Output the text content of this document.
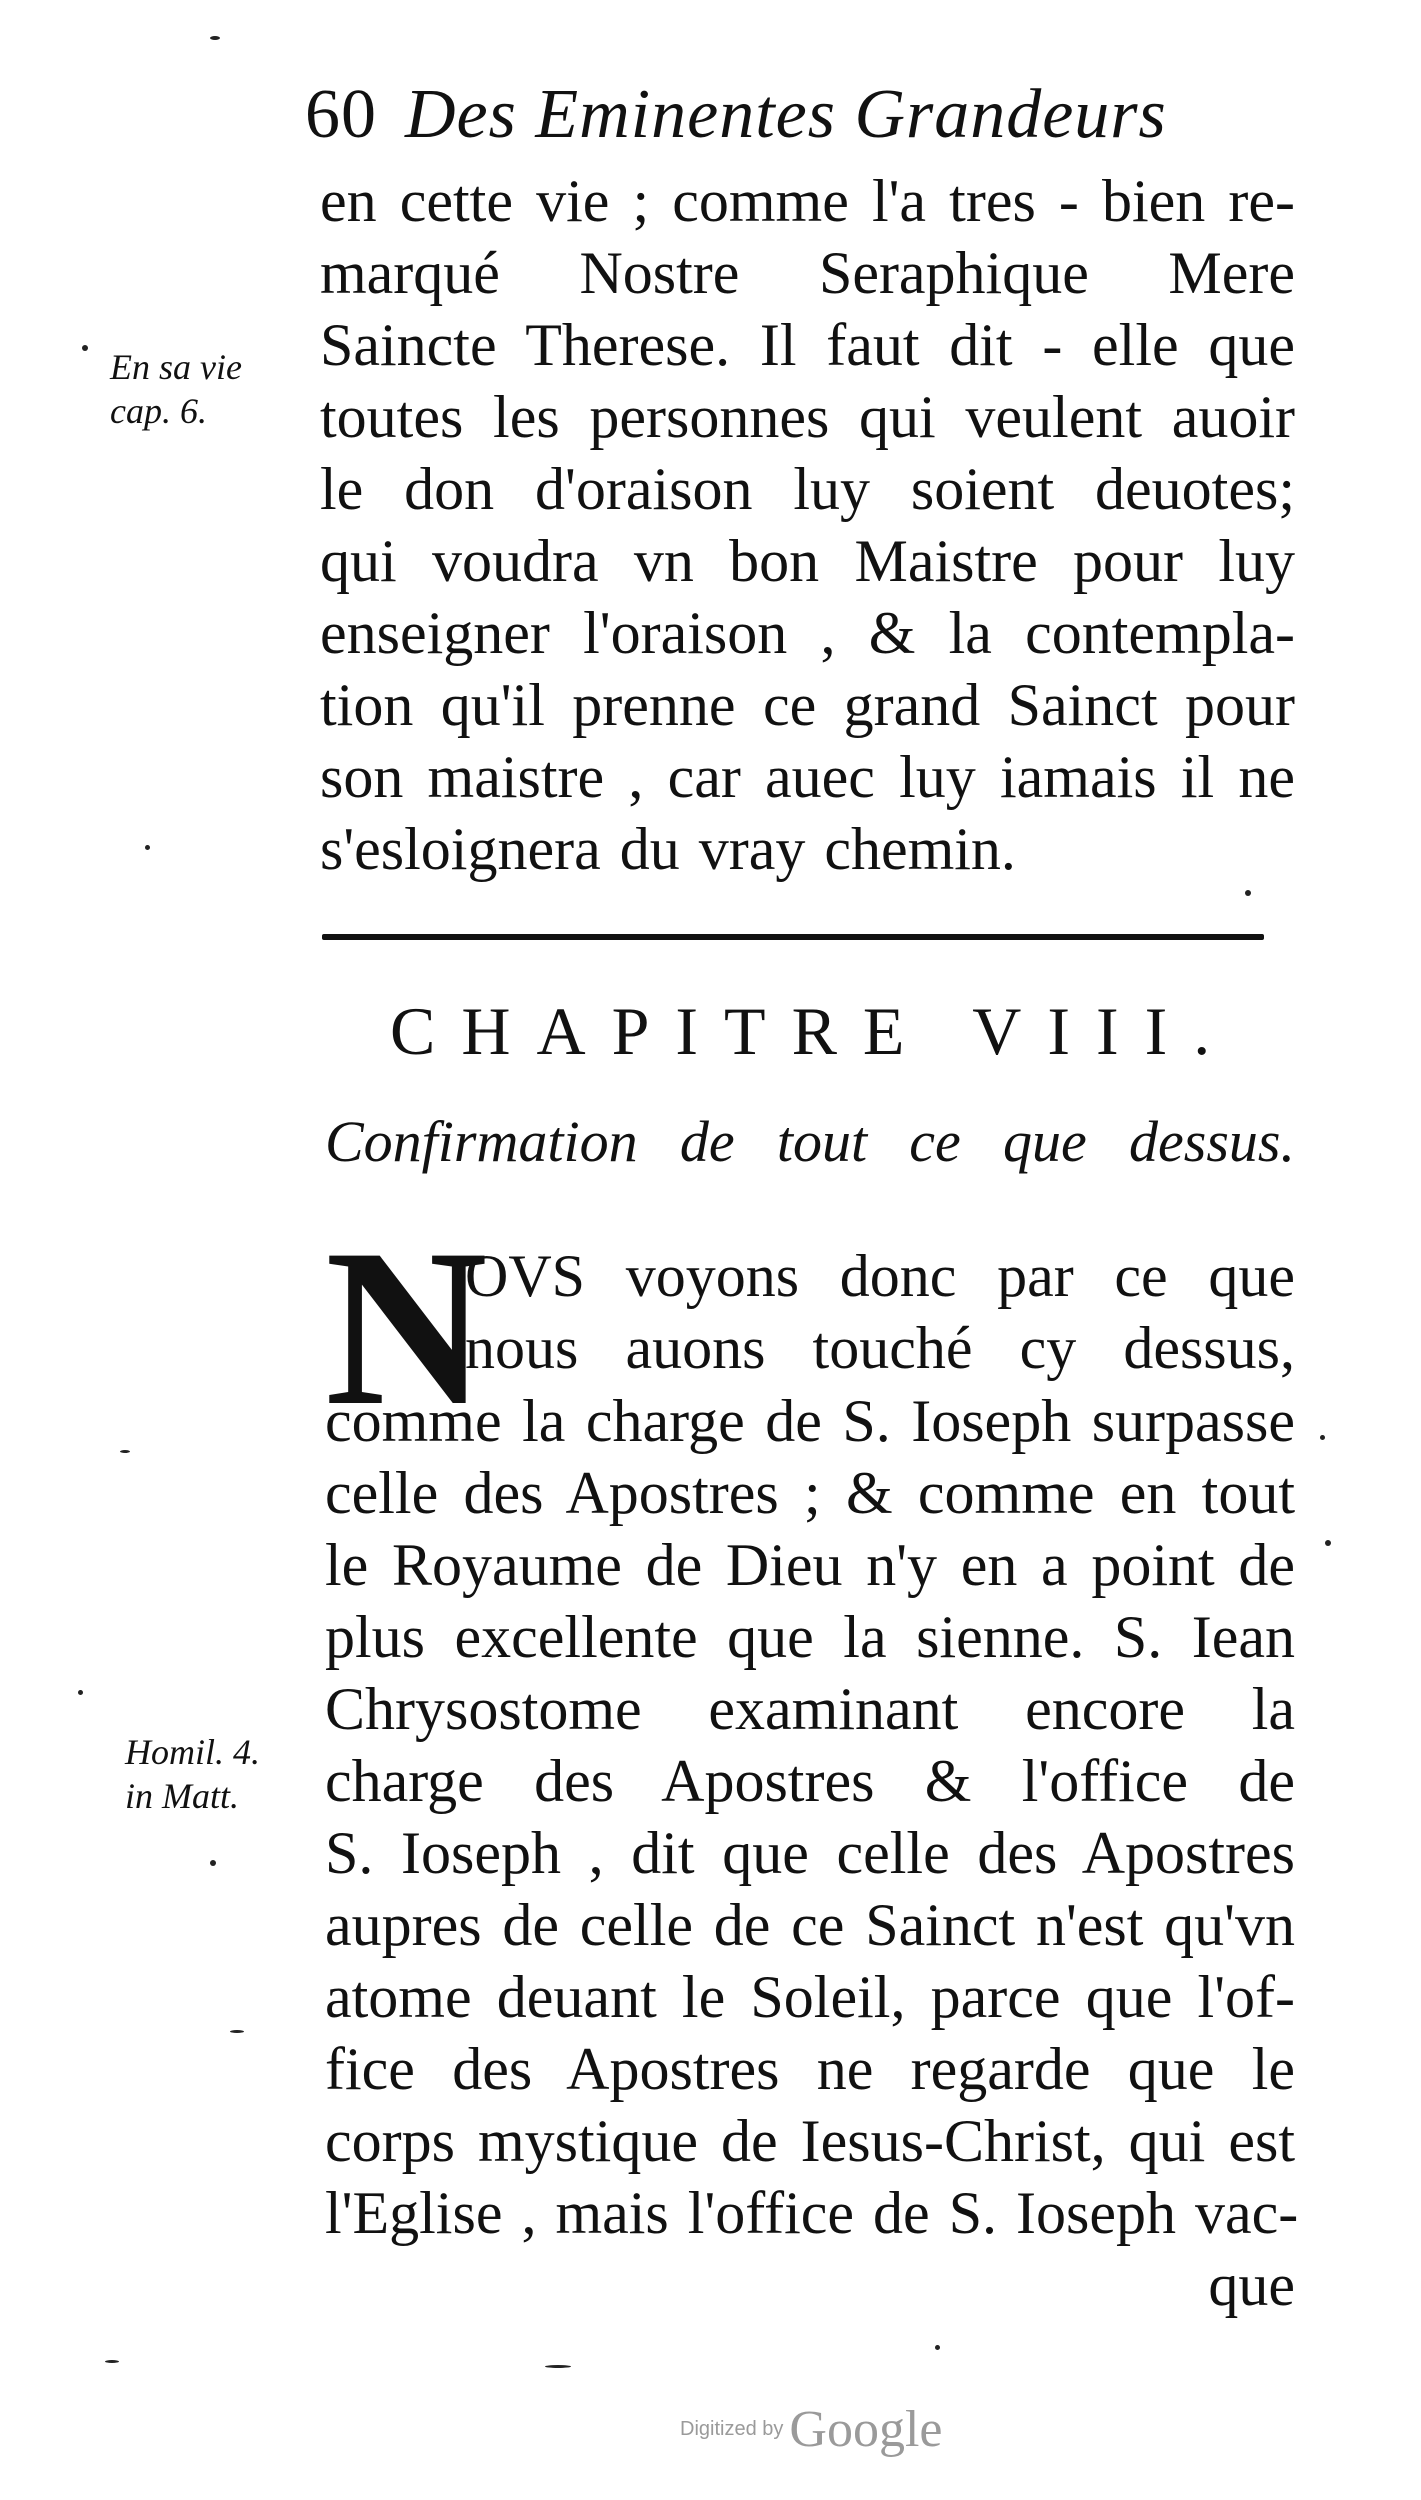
60 Des Eminentes Grandeurs
en cette vie ; comme l'a tres - bien re-
marqué Nostre Seraphique Mere
Saincte Therese. Il faut dit - elle que
toutes les personnes qui veulent auoir
le don d'oraison luy soient deuotes;
qui voudra vn bon Maistre pour luy
enseigner l'oraison , & la contempla-
tion qu'il prenne ce grand Sainct pour
son maistre , car auec luy iamais il ne
s'esloignera du vray chemin.
En sa vie
cap. 6.
CHAPITRE VIII.
Confirmation de tout ce que dessus.
N
OVS voyons donc par ce que
nous auons touché cy dessus,
comme la charge de S. Ioseph surpasse
celle des Apostres ; & comme en tout
le Royaume de Dieu n'y en a point de
plus excellente que la sienne. S. Iean
Chrysostome examinant encore la
charge des Apostres & l'office de
S. Ioseph , dit que celle des Apostres
aupres de celle de ce Sainct n'est qu'vn
atome deuant le Soleil, parce que l'of-
fice des Apostres ne regarde que le
corps mystique de Iesus-Christ, qui est
l'Eglise , mais l'office de S. Ioseph vac-
que
Homil. 4.
in Matt.
Digitized by Google
